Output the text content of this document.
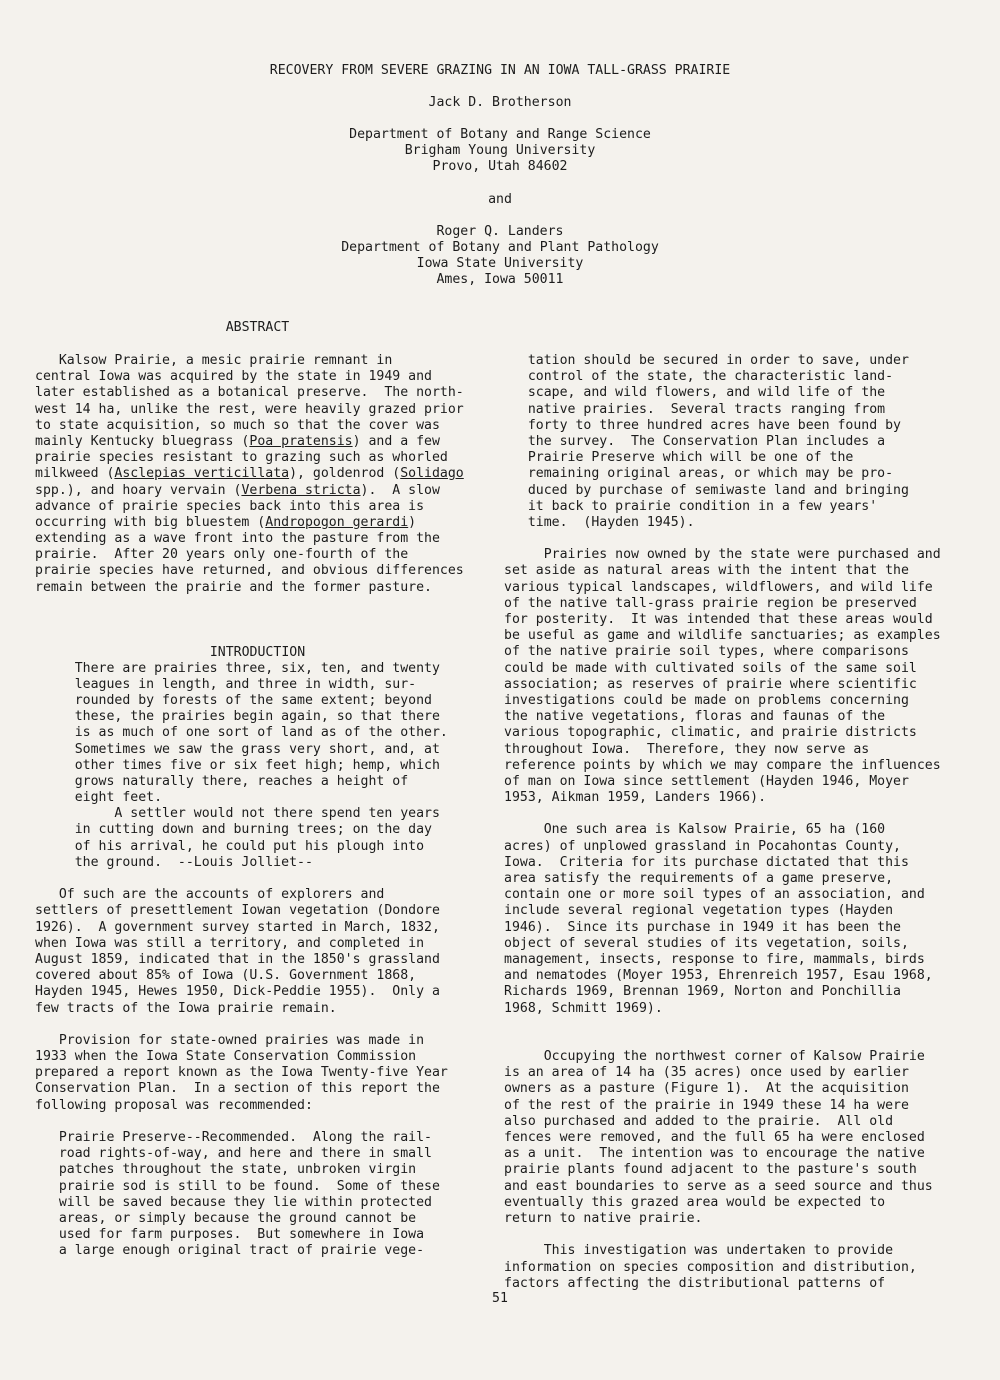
RECOVERY FROM SEVERE GRAZING IN AN IOWA TALL-GRASS PRAIRIE
Jack D. Brotherson
Department of Botany and Range Science
Brigham Young University
Provo, Utah 84602
and
Roger Q. Landers
Department of Botany and Plant Pathology
Iowa State University
Ames, Iowa 50011
ABSTRACT
INTRODUCTION
Kalsow Prairie, a mesic prairie remnant in
central Iowa was acquired by the state in 1949 and
later established as a botanical preserve.  The north-
west 14 ha, unlike the rest, were heavily grazed prior
to state acquisition, so much so that the cover was
mainly Kentucky bluegrass (Poa pratensis) and a few
prairie species resistant to grazing such as whorled
milkweed (Asclepias verticillata), goldenrod (Solidago
spp.), and hoary vervain (Verbena stricta).  A slow
advance of prairie species back into this area is
occurring with big bluestem (Andropogon gerardi)
extending as a wave front into the pasture from the
prairie.  After 20 years only one-fourth of the
prairie species have returned, and obvious differences
remain between the prairie and the former pasture.
There are prairies three, six, ten, and twenty
leagues in length, and three in width, sur-
rounded by forests of the same extent; beyond
these, the prairies begin again, so that there
is as much of one sort of land as of the other.
Sometimes we saw the grass very short, and, at
other times five or six feet high; hemp, which
grows naturally there, reaches a height of
eight feet.
A settler would not there spend ten years
in cutting down and burning trees; on the day
of his arrival, he could put his plough into
the ground.  --Louis Jolliet--
Of such are the accounts of explorers and
settlers of presettlement Iowan vegetation (Dondore
1926).  A government survey started in March, 1832,
when Iowa was still a territory, and completed in
August 1859, indicated that in the 1850's grassland
covered about 85% of Iowa (U.S. Government 1868,
Hayden 1945, Hewes 1950, Dick-Peddie 1955).  Only a
few tracts of the Iowa prairie remain.
Provision for state-owned prairies was made in
1933 when the Iowa State Conservation Commission
prepared a report known as the Iowa Twenty-five Year
Conservation Plan.  In a section of this report the
following proposal was recommended:
Prairie Preserve--Recommended.  Along the rail-
road rights-of-way, and here and there in small
patches throughout the state, unbroken virgin
prairie sod is still to be found.  Some of these
will be saved because they lie within protected
areas, or simply because the ground cannot be
used for farm purposes.  But somewhere in Iowa
a large enough original tract of prairie vege-
tation should be secured in order to save, under
control of the state, the characteristic land-
scape, and wild flowers, and wild life of the
native prairies.  Several tracts ranging from
forty to three hundred acres have been found by
the survey.  The Conservation Plan includes a
Prairie Preserve which will be one of the
remaining original areas, or which may be pro-
duced by purchase of semiwaste land and bringing
it back to prairie condition in a few years'
time.  (Hayden 1945).
Prairies now owned by the state were purchased and
set aside as natural areas with the intent that the
various typical landscapes, wildflowers, and wild life
of the native tall-grass prairie region be preserved
for posterity.  It was intended that these areas would
be useful as game and wildlife sanctuaries; as examples
of the native prairie soil types, where comparisons
could be made with cultivated soils of the same soil
association; as reserves of prairie where scientific
investigations could be made on problems concerning
the native vegetations, floras and faunas of the
various topographic, climatic, and prairie districts
throughout Iowa.  Therefore, they now serve as
reference points by which we may compare the influences
of man on Iowa since settlement (Hayden 1946, Moyer
1953, Aikman 1959, Landers 1966).
One such area is Kalsow Prairie, 65 ha (160
acres) of unplowed grassland in Pocahontas County,
Iowa.  Criteria for its purchase dictated that this
area satisfy the requirements of a game preserve,
contain one or more soil types of an association, and
include several regional vegetation types (Hayden
1946).  Since its purchase in 1949 it has been the
object of several studies of its vegetation, soils,
management, insects, response to fire, mammals, birds
and nematodes (Moyer 1953, Ehrenreich 1957, Esau 1968,
Richards 1969, Brennan 1969, Norton and Ponchillia
1968, Schmitt 1969).
Occupying the northwest corner of Kalsow Prairie
is an area of 14 ha (35 acres) once used by earlier
owners as a pasture (Figure 1).  At the acquisition
of the rest of the prairie in 1949 these 14 ha were
also purchased and added to the prairie.  All old
fences were removed, and the full 65 ha were enclosed
as a unit.  The intention was to encourage the native
prairie plants found adjacent to the pasture's south
and east boundaries to serve as a seed source and thus
eventually this grazed area would be expected to
return to native prairie.
This investigation was undertaken to provide
information on species composition and distribution,
factors affecting the distributional patterns of
51
